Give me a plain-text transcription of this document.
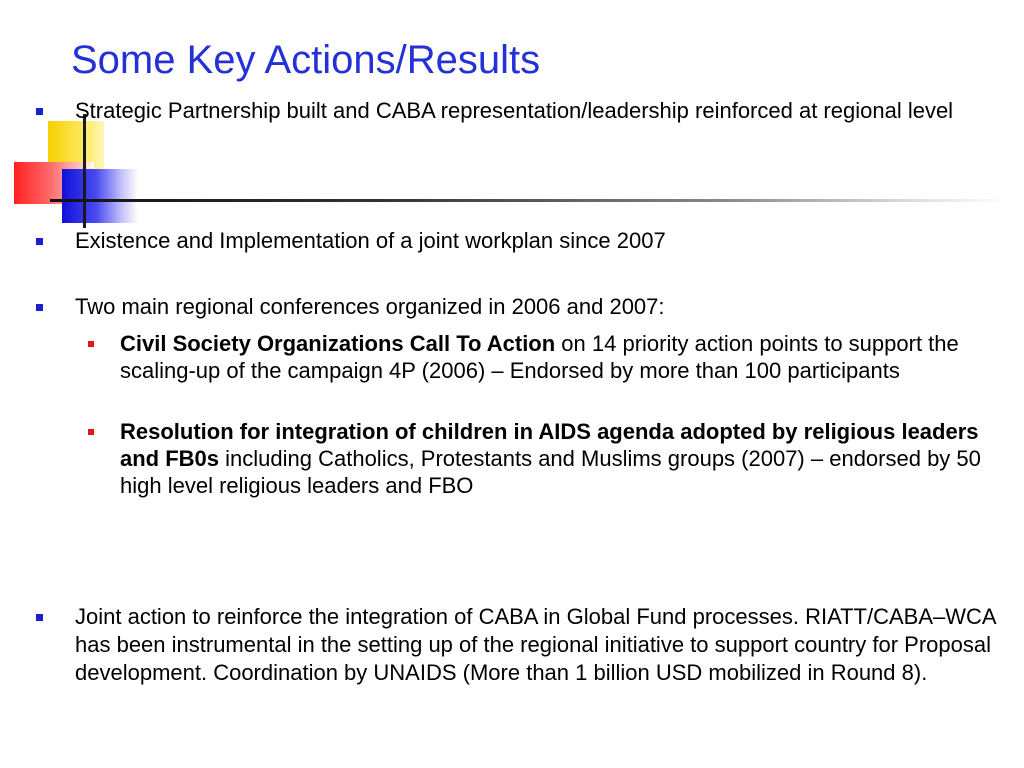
Some Key Actions/Results
Strategic Partnership built and CABA representation/leadership reinforced at regional level
Existence and Implementation of a joint workplan since 2007
Two main regional conferences organized in 2006 and 2007:
Civil Society Organizations Call To Action on 14 priority action points to support the scaling-up of the campaign 4P (2006) – Endorsed by more than 100 participants
Resolution for integration of children in AIDS agenda adopted by religious leaders and FB0s including Catholics, Protestants and Muslims groups (2007) – endorsed by 50 high level religious leaders and FBO
Joint action to reinforce the integration of CABA in Global Fund processes. RIATT/CABA–WCA has been instrumental in the setting up of the regional initiative to support country for Proposal development. Coordination by UNAIDS (More than 1 billion USD mobilized in Round 8).
